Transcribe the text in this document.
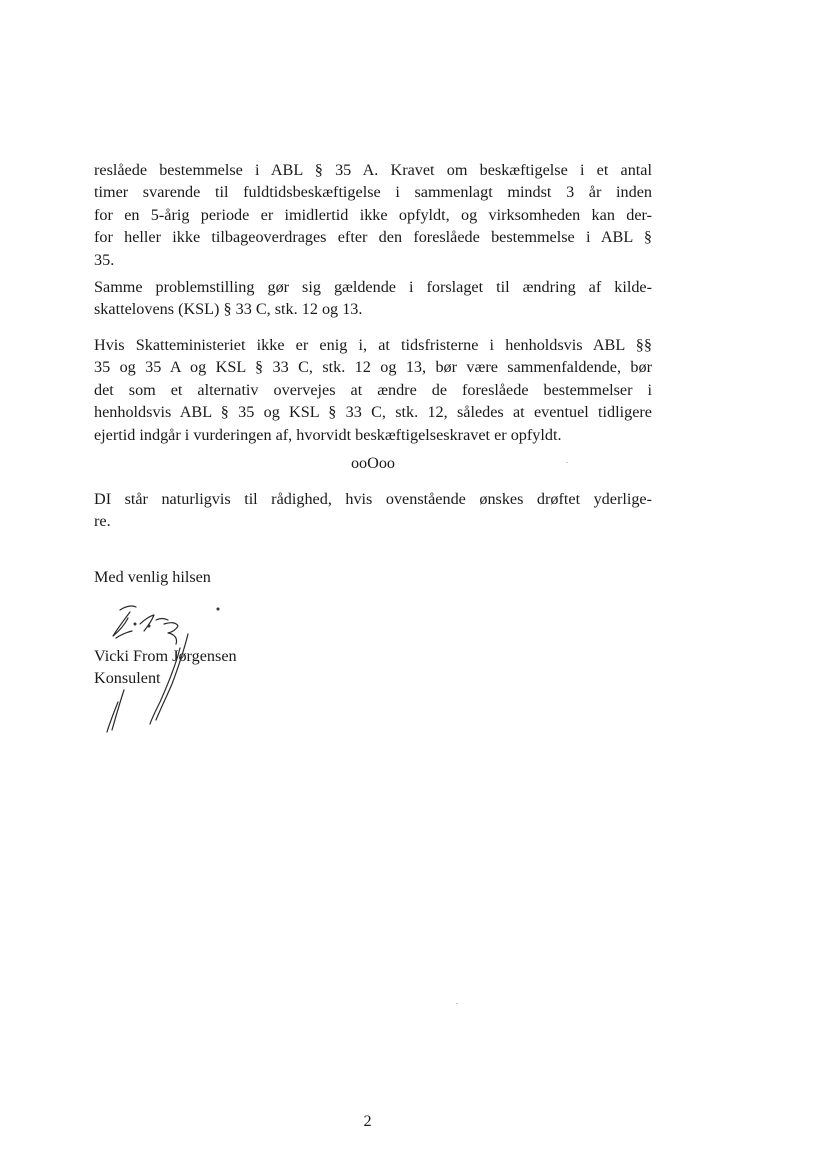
reslåede bestemmelse i ABL § 35 A. Kravet om beskæftigelse i et antal
timer svarende til fuldtidsbeskæftigelse i sammenlagt mindst 3 år inden
for en 5-årig periode er imidlertid ikke opfyldt, og virksomheden kan der-
for heller ikke tilbageoverdrages efter den foreslåede bestemmelse i ABL §
35.
Samme problemstilling gør sig gældende i forslaget til ændring af kilde-
skattelovens (KSL) § 33 C, stk. 12 og 13.
Hvis Skatteministeriet ikke er enig i, at tidsfristerne i henholdsvis ABL §§
35 og 35 A og KSL § 33 C, stk. 12 og 13, bør være sammenfaldende, bør
det som et alternativ overvejes at ændre de foreslåede bestemmelser i
henholdsvis ABL § 35 og KSL § 33 C, stk. 12, således at eventuel tidligere
ejertid indgår i vurderingen af, hvorvidt beskæftigelseskravet er opfyldt.
ooOoo
DI står naturligvis til rådighed, hvis ovenstående ønskes drøftet yderlige-
re.
Med venlig hilsen
Vicki From Jørgensen
Konsulent
2
